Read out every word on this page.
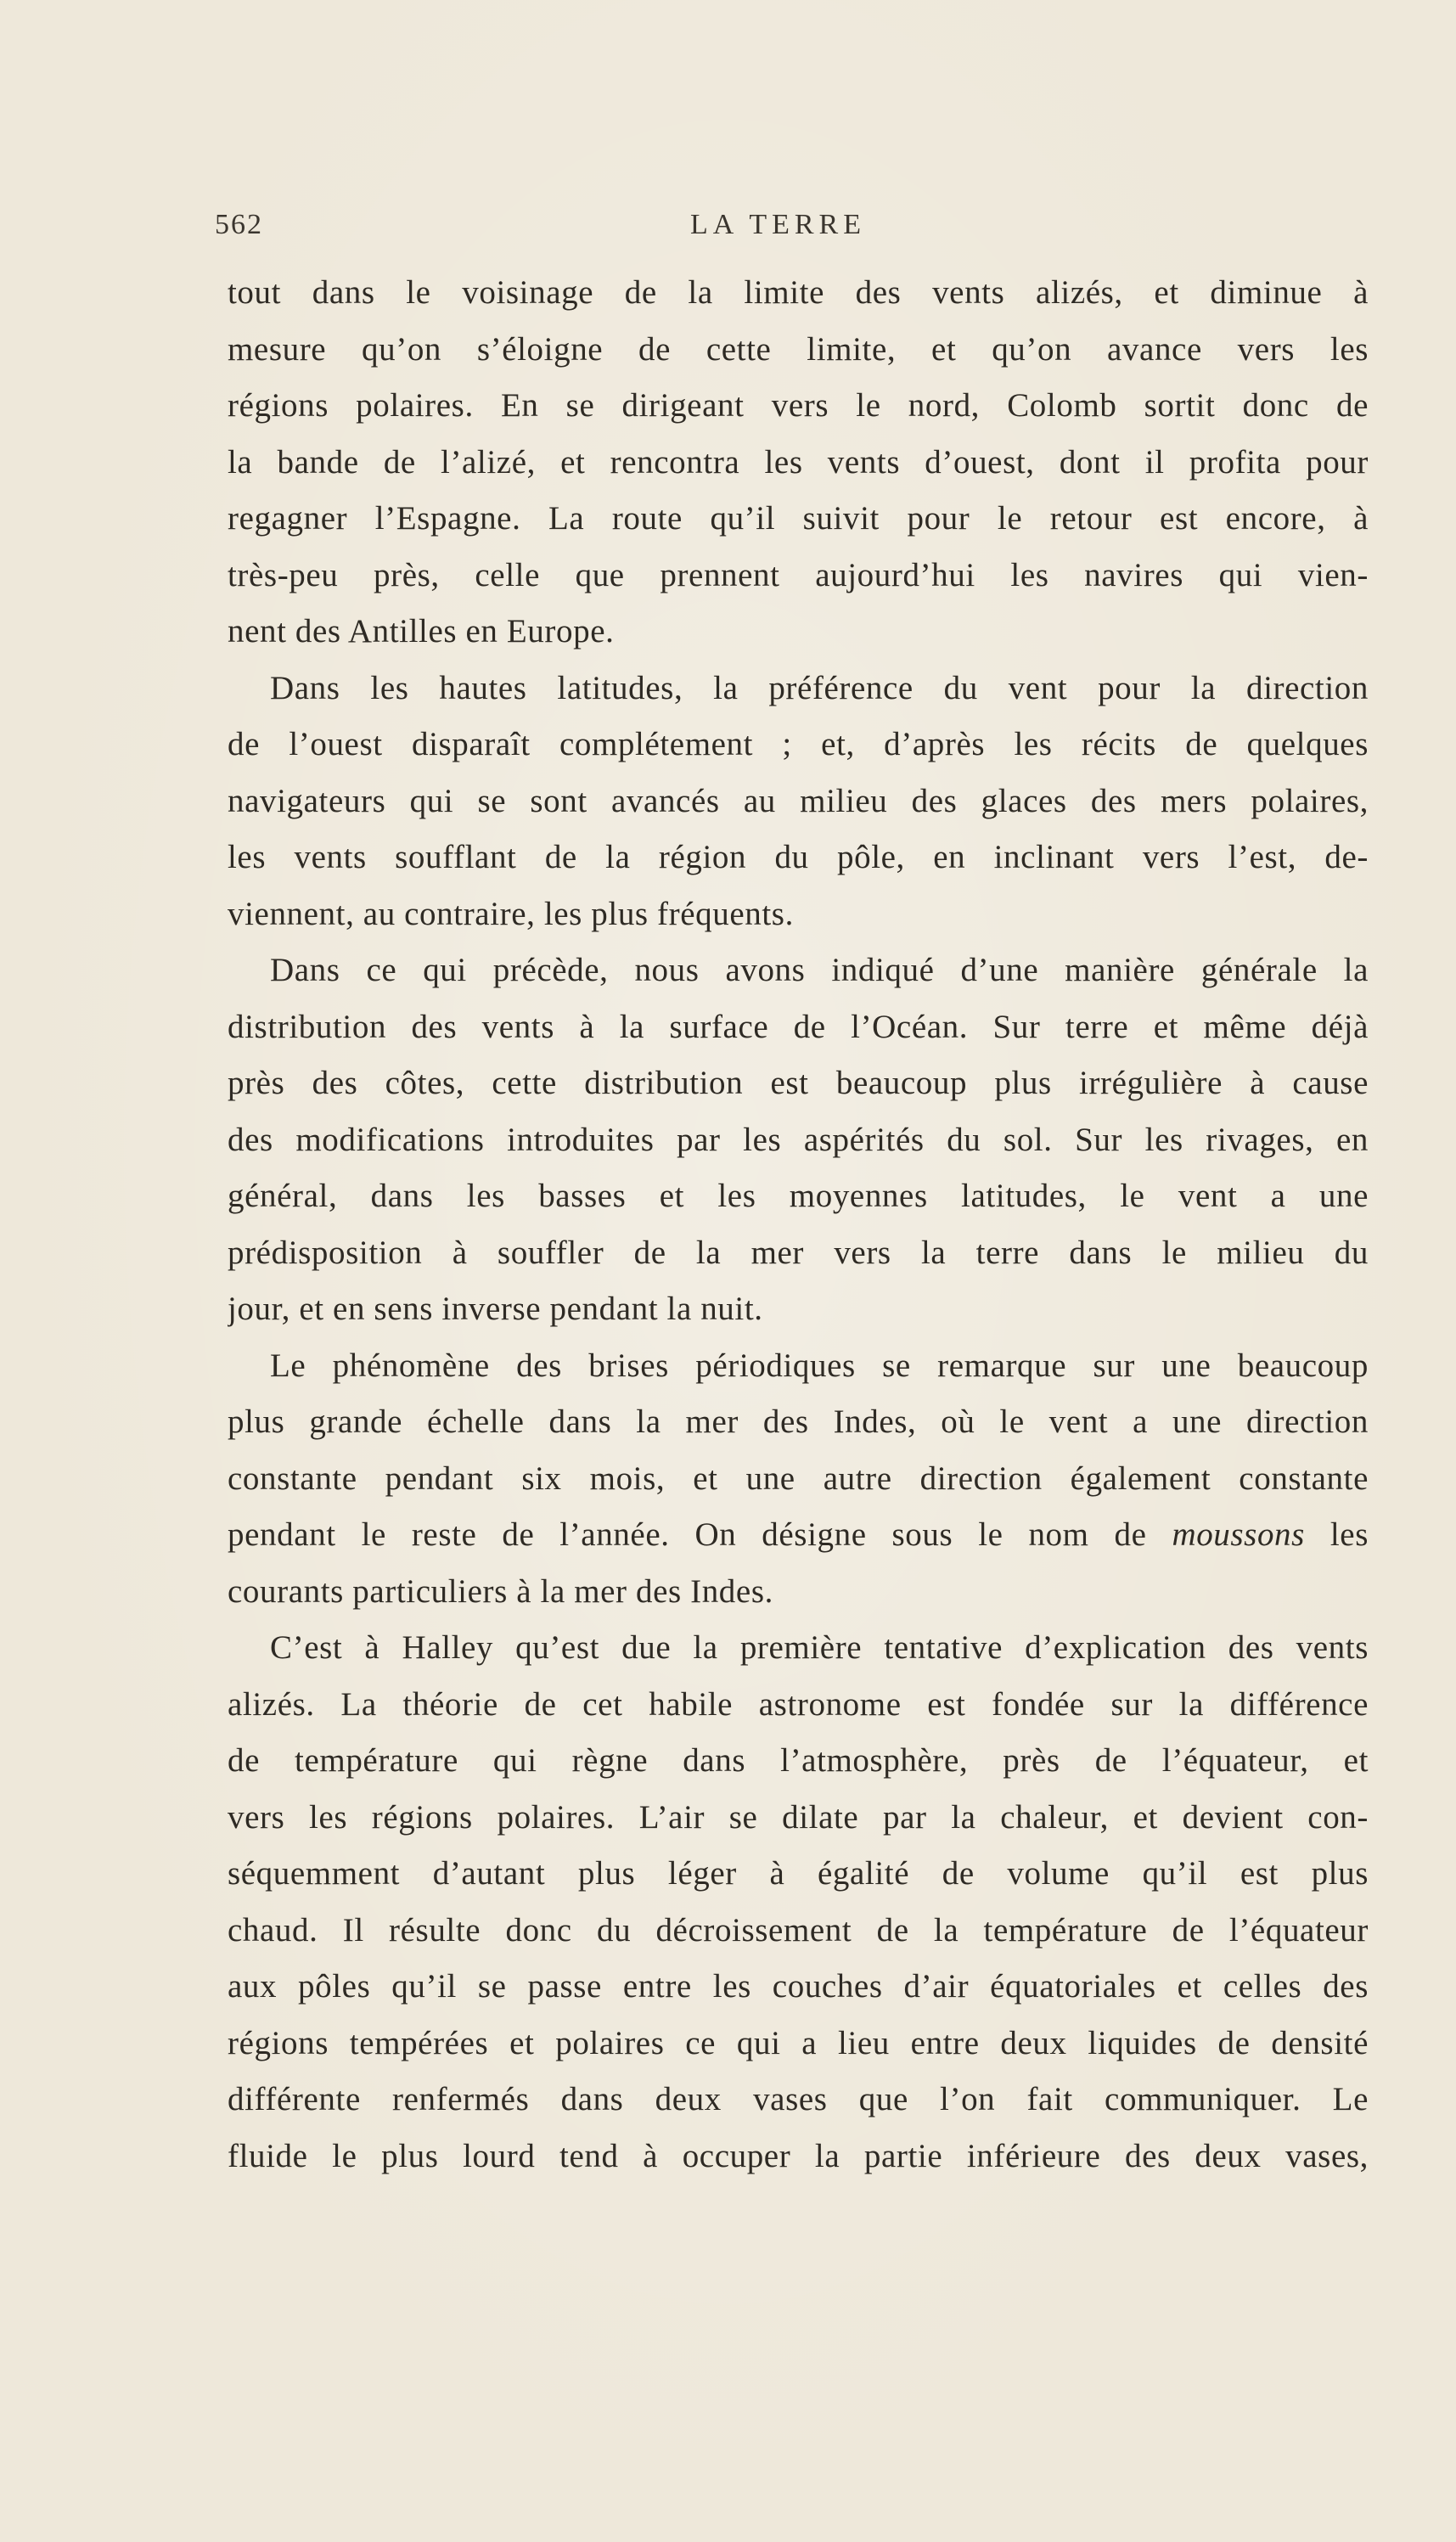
562	LA TERRE
tout dans le voisinage de la limite des vents alizés, et diminue à
mesure qu’on s’éloigne de cette limite, et qu’on avance vers les
régions polaires. En se dirigeant vers le nord, Colomb sortit donc de
la bande de l’alizé, et rencontra les vents d’ouest, dont il profita pour
regagner l’Espagne. La route qu’il suivit pour le retour est encore, à
très-peu près, celle que prennent aujourd’hui les navires qui vien-
nent des Antilles en Europe.
Dans les hautes latitudes, la préférence du vent pour la direction
de l’ouest disparaît complétement ; et, d’après les récits de quelques
navigateurs qui se sont avancés au milieu des glaces des mers polaires,
les vents soufflant de la région du pôle, en inclinant vers l’est, de-
viennent, au contraire, les plus fréquents.
Dans ce qui précède, nous avons indiqué d’une manière générale la
distribution des vents à la surface de l’Océan. Sur terre et même déjà
près des côtes, cette distribution est beaucoup plus irrégulière à cause
des modifications introduites par les aspérités du sol. Sur les rivages, en
général, dans les basses et les moyennes latitudes, le vent a une
prédisposition à souffler de la mer vers la terre dans le milieu du
jour, et en sens inverse pendant la nuit.
Le phénomène des brises périodiques se remarque sur une beaucoup
plus grande échelle dans la mer des Indes, où le vent a une direction
constante pendant six mois, et une autre direction également constante
pendant le reste de l’année. On désigne sous le nom de moussons les
courants particuliers à la mer des Indes.
C’est à Halley qu’est due la première tentative d’explication des vents
alizés. La théorie de cet habile astronome est fondée sur la différence
de température qui règne dans l’atmosphère, près de l’équateur, et
vers les régions polaires. L’air se dilate par la chaleur, et devient con-
séquemment d’autant plus léger à égalité de volume qu’il est plus
chaud. Il résulte donc du décroissement de la température de l’équateur
aux pôles qu’il se passe entre les couches d’air équatoriales et celles des
régions tempérées et polaires ce qui a lieu entre deux liquides de densité
différente renfermés dans deux vases que l’on fait communiquer. Le
fluide le plus lourd tend à occuper la partie inférieure des deux vases,
